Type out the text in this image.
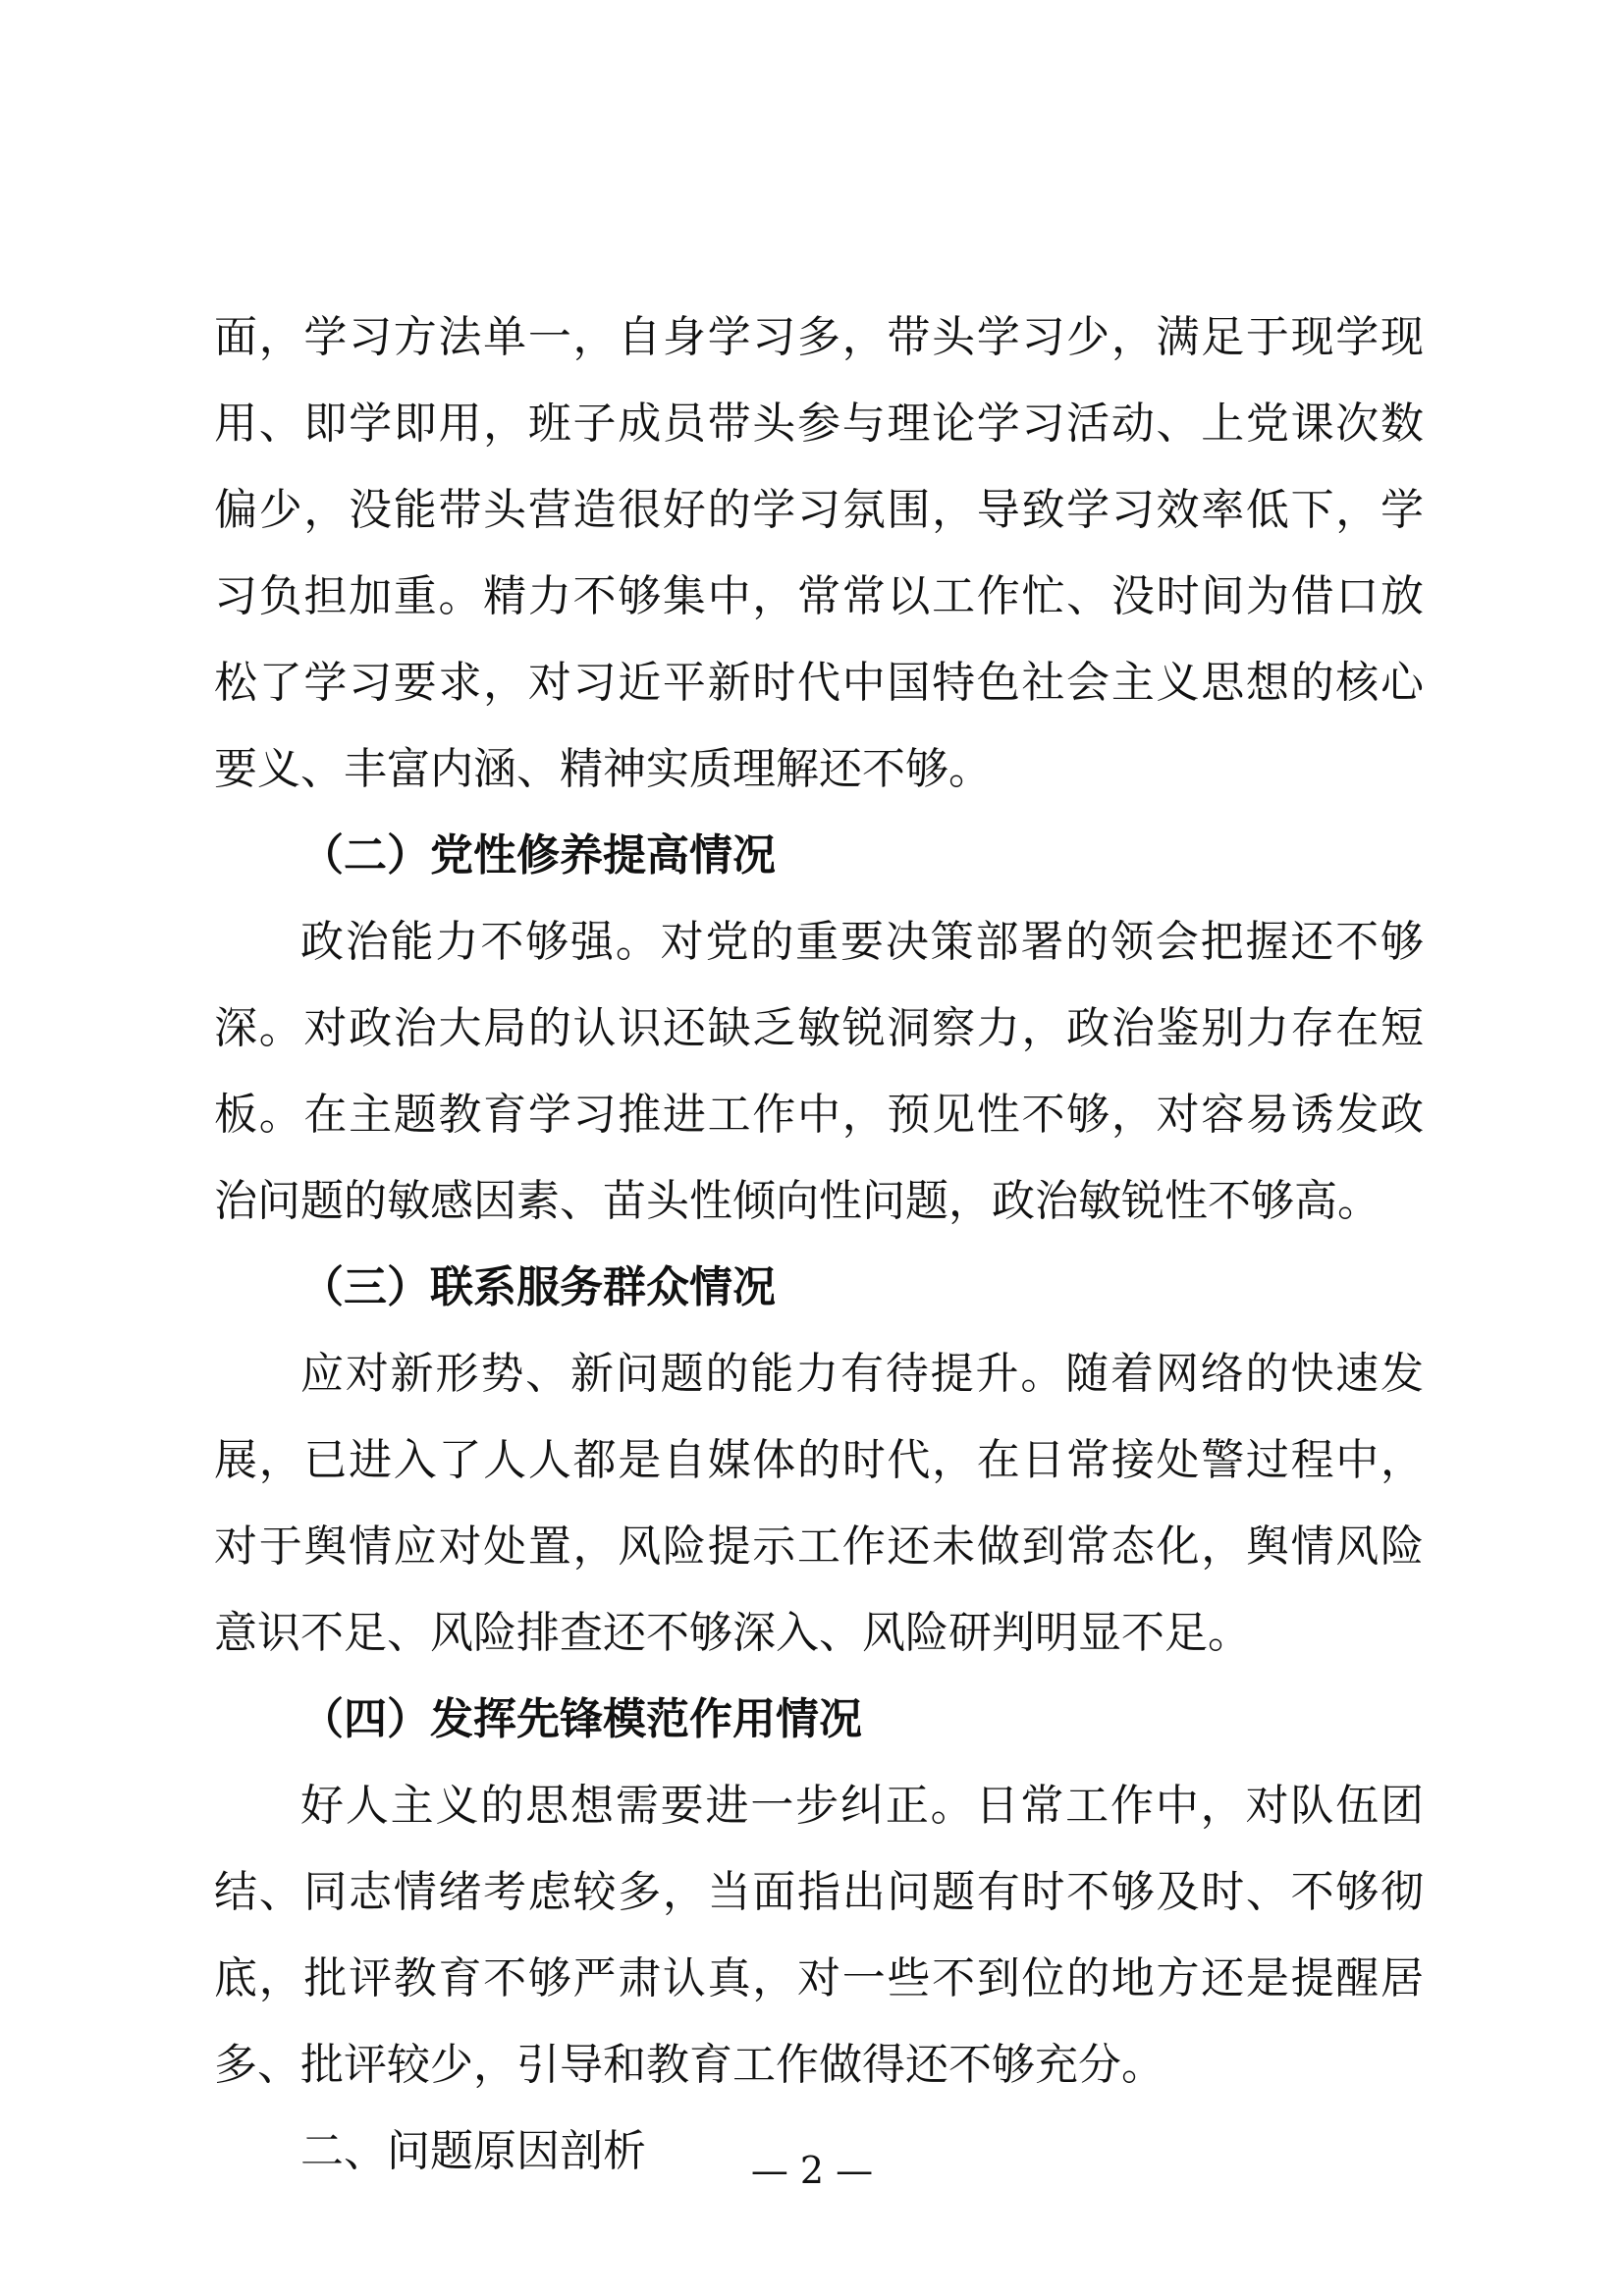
面，学习方法单一，自身学习多，带头学习少，满足于现学现
用、即学即用，班子成员带头参与理论学习活动、上党课次数
偏少，没能带头营造很好的学习氛围，导致学习效率低下，学
习负担加重。精力不够集中，常常以工作忙、没时间为借口放
松了学习要求，对习近平新时代中国特色社会主义思想的核心
要义、丰富内涵、精神实质理解还不够。
（二）党性修养提高情况
政治能力不够强。对党的重要决策部署的领会把握还不够
深。对政治大局的认识还缺乏敏锐洞察力，政治鉴别力存在短
板。在主题教育学习推进工作中，预见性不够，对容易诱发政
治问题的敏感因素、苗头性倾向性问题，政治敏锐性不够高。
（三）联系服务群众情况
应对新形势、新问题的能力有待提升。随着网络的快速发
展，已进入了人人都是自媒体的时代，在日常接处警过程中，
对于舆情应对处置，风险提示工作还未做到常态化，舆情风险
意识不足、风险排查还不够深入、风险研判明显不足。
（四）发挥先锋模范作用情况
好人主义的思想需要进一步纠正。日常工作中，对队伍团
结、同志情绪考虑较多，当面指出问题有时不够及时、不够彻
底，批评教育不够严肃认真，对一些不到位的地方还是提醒居
多、批评较少，引导和教育工作做得还不够充分。
二、问题原因剖析	— 2 —
